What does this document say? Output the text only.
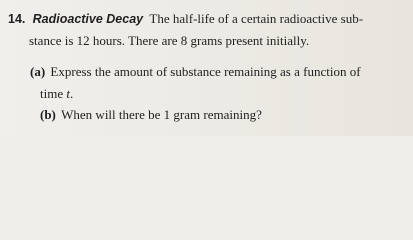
14. Radioactive Decay The half-life of a certain radioactive sub-
stance is 12 hours. There are 8 grams present initially.
(a) Express the amount of substance remaining as a function of
time t.
(b) When will there be 1 gram remaining?
